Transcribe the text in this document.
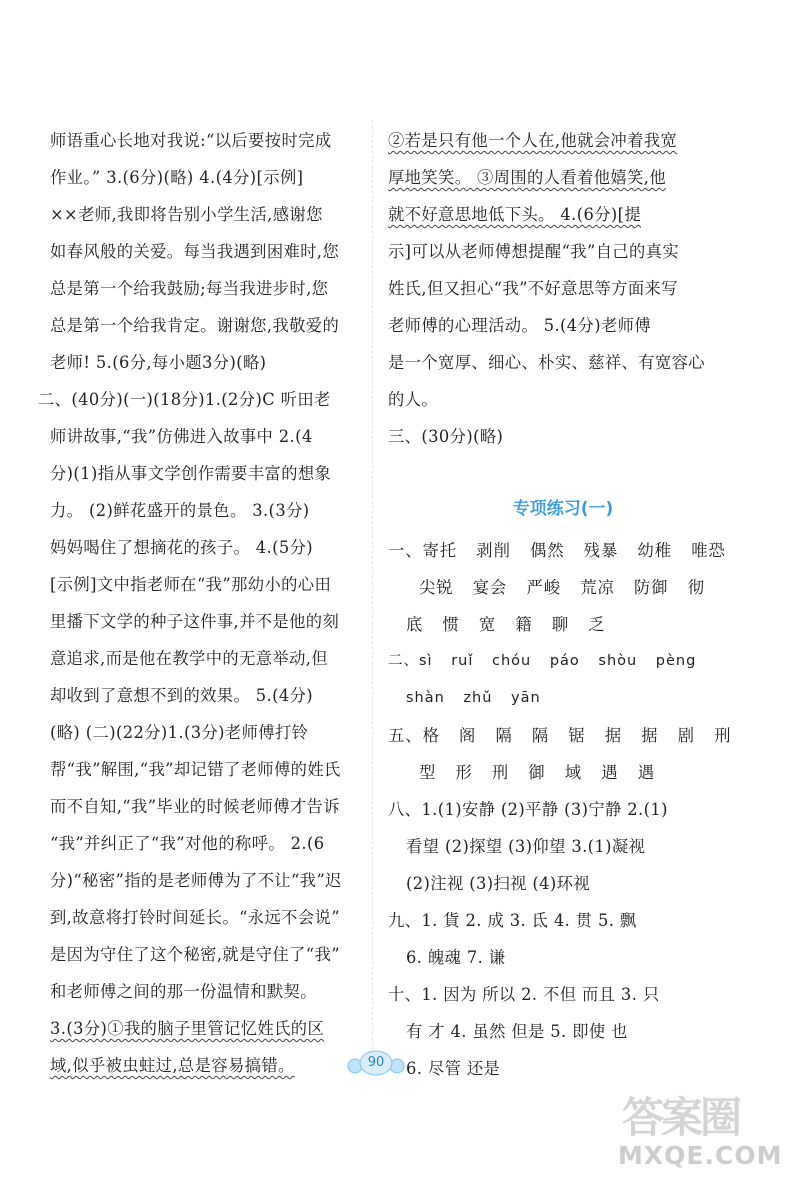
师语重心长地对我说:“以后要按时完成
作业。” 3.(6分)(略) 4.(4分)[示例]
××老师,我即将告别小学生活,感谢您
如春风般的关爱。每当我遇到困难时,您
总是第一个给我鼓励;每当我进步时,您
总是第一个给我肯定。谢谢您,我敬爱的
老师! 5.(6分,每小题3分)(略)
二、(40分)(一)(18分)1.(2分)C 听田老
师讲故事,“我”仿佛进入故事中 2.(4
分)(1)指从事文学创作需要丰富的想象
力。 (2)鲜花盛开的景色。 3.(3分)
妈妈喝住了想摘花的孩子。 4.(5分)
[示例]文中指老师在“我”那幼小的心田
里播下文学的种子这件事,并不是他的刻
意追求,而是他在教学中的无意举动,但
却收到了意想不到的效果。 5.(4分)
(略) (二)(22分)1.(3分)老师傅打铃
帮“我”解围,“我”却记错了老师傅的姓氏
而不自知,“我”毕业的时候老师傅才告诉
“我”并纠正了“我”对他的称呼。 2.(6
分)“秘密”指的是老师傅为了不让“我”迟
到,故意将打铃时间延长。“永远不会说”
是因为守住了这个秘密,就是守住了“我”
和老师傅之间的那一份温情和默契。
3.(3分)①我的脑子里管记忆姓氏的区
域,似乎被虫蛀过,总是容易搞错。
②若是只有他一个人在,他就会冲着我宽
厚地笑笑。 ③周围的人看着他嬉笑,他
就不好意思地低下头。 4.(6分)[提
示]可以从老师傅想提醒“我”自己的真实
姓氏,但又担心“我”不好意思等方面来写
老师傅的心理活动。 5.(4分)老师傅
是一个宽厚、细心、朴实、慈祥、有宽容心
的人。
三、(30分)(略)
专项练习(一)
一、寄托 剥削 偶然 残暴 幼稚 唯恐
尖锐 宴会 严峻 荒凉 防御 彻
底 惯 宽 籍 聊 乏
二、sì ruǐ chóu páo shòu pèng
shàn zhǔ yān
五、格 阁 隔 隔 锯 据 据 剧 刑
型 形 刑 御 域 遇 遇
八、1.(1)安静 (2)平静 (3)宁静 2.(1)
看望 (2)探望 (3)仰望 3.(1)凝视
(2)注视 (3)扫视 (4)环视
九、1. 貨 2. 成 3. 氐 4. 贯 5. 飘
6. 魄魂 7. 谦
十、1. 因为 所以 2. 不但 而且 3. 只
有 才 4. 虽然 但是 5. 即使 也
6. 尽管 还是
90
答案圈
MXQE.COM
